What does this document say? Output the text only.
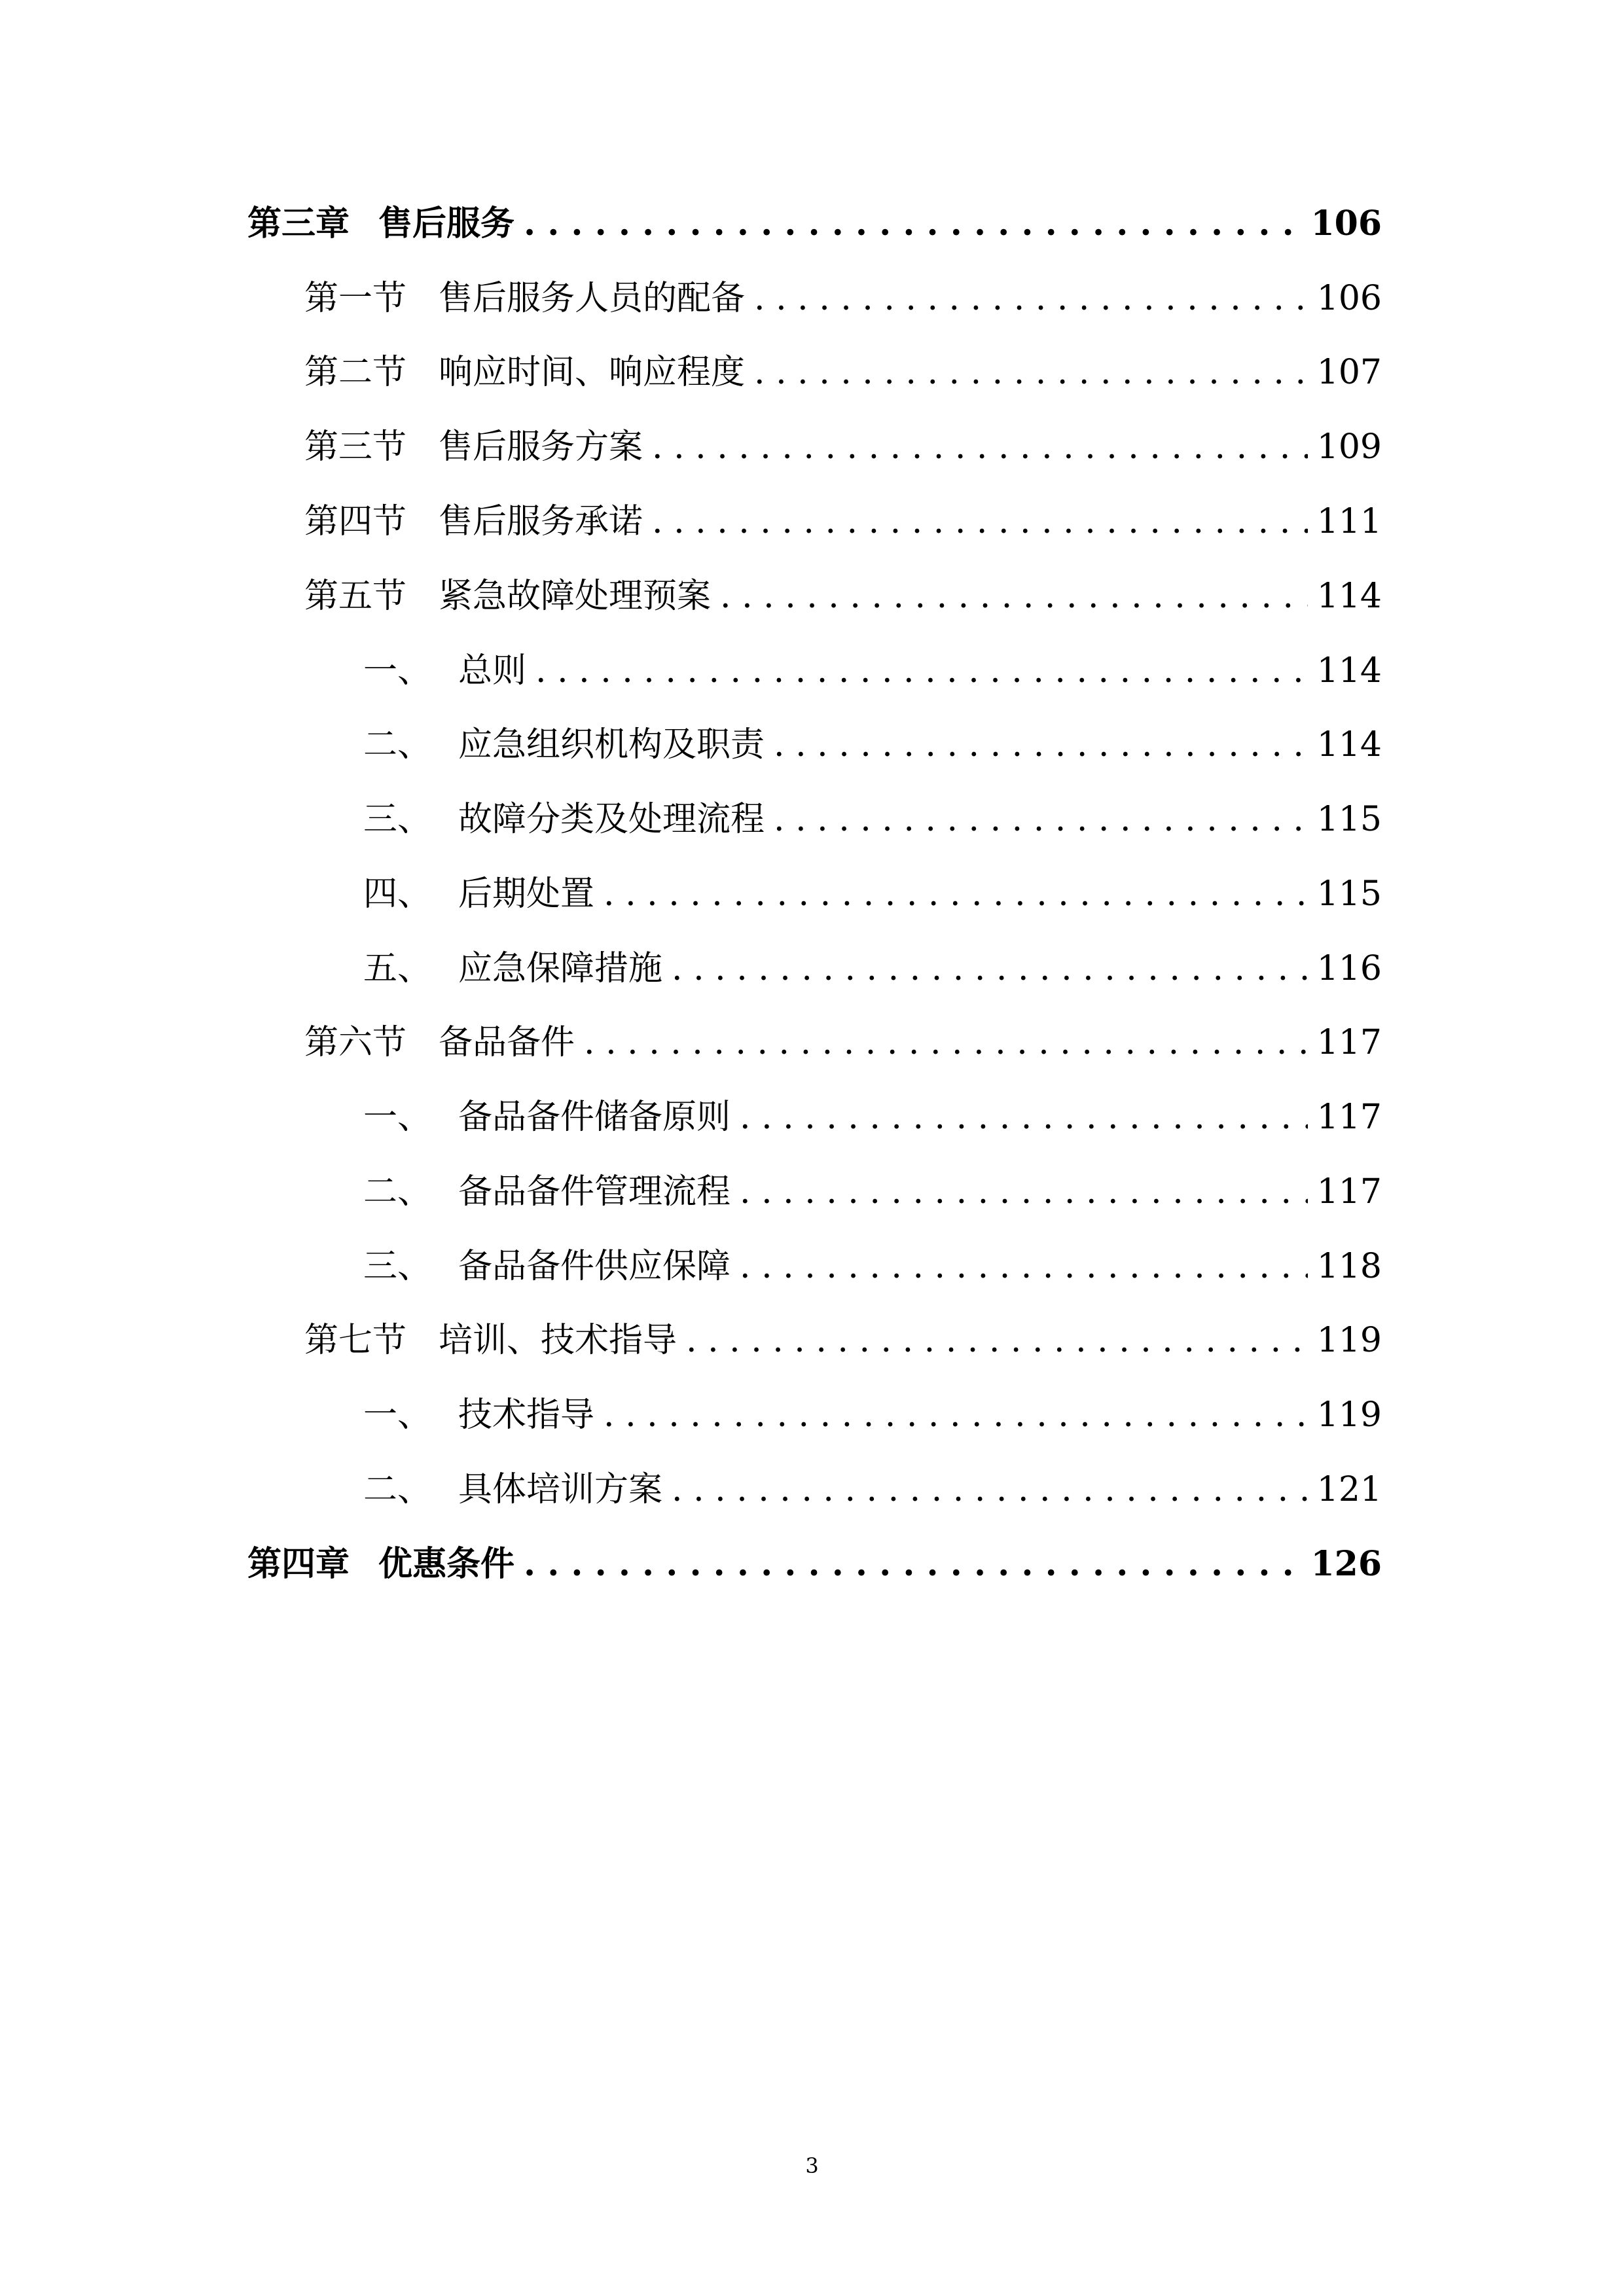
第三章 售后服务 . . .	106
第一节 售后服务人员的配备 . . .	106
第二节 响应时间、响应程度 . . .	107
第三节 售后服务方案 . . .	109
第四节 售后服务承诺 . . .	111
第五节 紧急故障处理预案 . . .	114
一、 总则 . . .	114
二、 应急组织机构及职责 . . .	114
三、 故障分类及处理流程 . . .	115
四、 后期处置 . . .	115
五、 应急保障措施 . . .	116
第六节 备品备件 . . .	117
一、 备品备件储备原则 . . .	117
二、 备品备件管理流程 . . .	117
三、 备品备件供应保障 . . .	118
第七节 培训、技术指导 . . .	119
一、 技术指导 . . .	119
二、 具体培训方案 . . .	121
第四章 优惠条件 . . .	126
3
